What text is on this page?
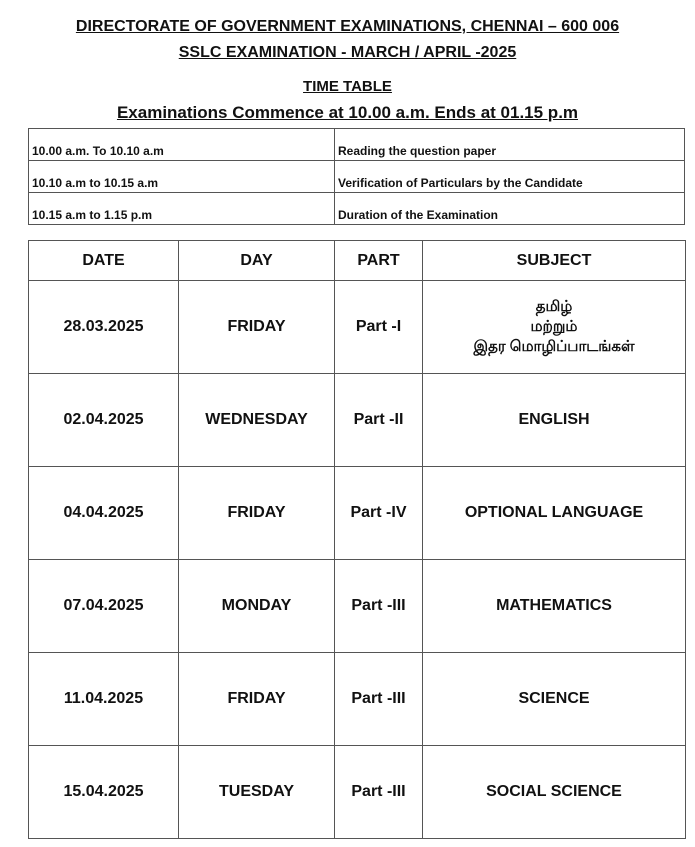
DIRECTORATE OF GOVERNMENT EXAMINATIONS, CHENNAI – 600 006
SSLC EXAMINATION - MARCH / APRIL -2025
TIME TABLE
Examinations Commence at 10.00 a.m. Ends at 01.15 p.m
10.00 a.m. To 10.10 a.m	Reading the question paper
10.10 a.m to 10.15 a.m	Verification of Particulars by the Candidate
10.15 a.m to 1.15 p.m	Duration of the Examination
DATE	DAY	PART	SUBJECT
28.03.2025	FRIDAY	Part -I	தமிழ்
மற்றும்
இதர மொழிப்பாடங்கள்

02.04.2025	WEDNESDAY	Part -II	ENGLISH
04.04.2025	FRIDAY	Part -IV	OPTIONAL LANGUAGE
07.04.2025	MONDAY	Part -III	MATHEMATICS
11.04.2025	FRIDAY	Part -III	SCIENCE
15.04.2025	TUESDAY	Part -III	SOCIAL SCIENCE
